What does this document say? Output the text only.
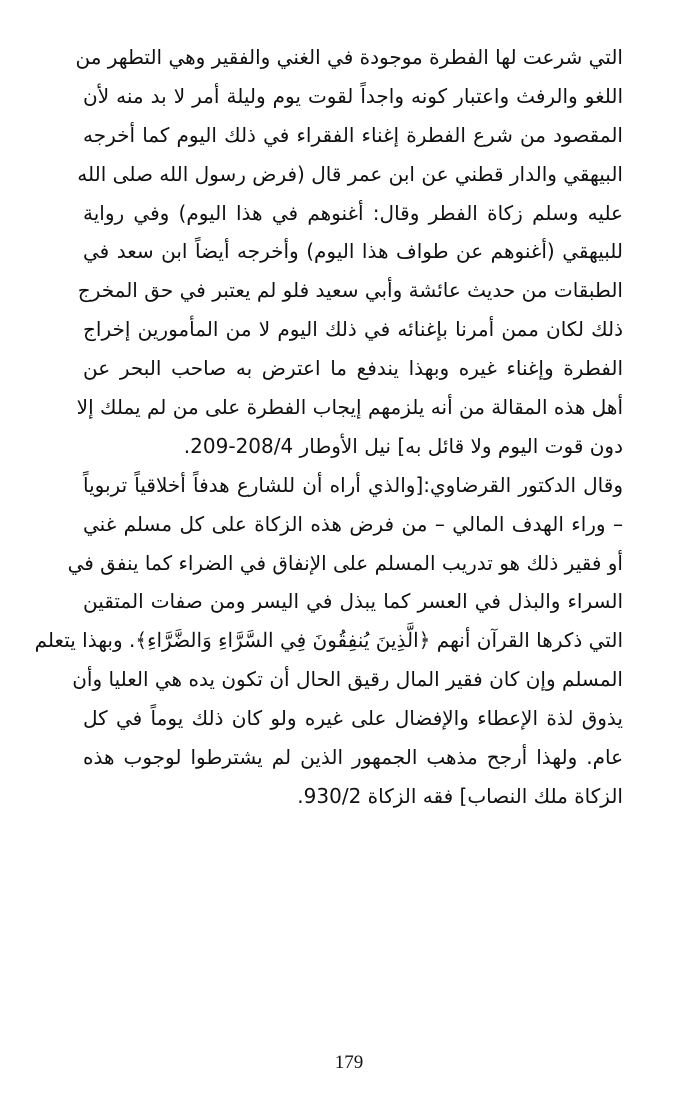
التي شرعت لها الفطرة موجودة في الغني والفقير وهي التطهر من
اللغو والرفث واعتبار كونه واجداً لقوت يوم وليلة أمر لا بد منه لأن
المقصود من شرع الفطرة إغناء الفقراء في ذلك اليوم كما أخرجه
البيهقي والدار قطني عن ابن عمر قال (فرض رسول الله صلى الله
عليه وسلم زكاة الفطر وقال: أغنوهم في هذا اليوم) وفي رواية
للبيهقي (أغنوهم عن طواف هذا اليوم) وأخرجه أيضاً ابن سعد في
الطبقات من حديث عائشة وأبي سعيد فلو لم يعتبر في حق المخرج
ذلك لكان ممن أمرنا بإغنائه في ذلك اليوم لا من المأمورين إخراج
الفطرة وإغناء غيره وبهذا يندفع ما اعترض به صاحب البحر عن
أهل هذه المقالة من أنه يلزمهم إيجاب الفطرة على من لم يملك إلا
دون قوت اليوم ولا قائل به] نيل الأوطار 208/4-209.
وقال الدكتور القرضاوي:[والذي أراه أن للشارع هدفاً أخلاقياً تربوياً
– وراء الهدف المالي – من فرض هذه الزكاة على كل مسلم غني
أو فقير ذلك هو تدريب المسلم على الإنفاق في الضراء كما ينفق في
السراء والبذل في العسر كما يبذل في اليسر ومن صفات المتقين
التي ذكرها القرآن أنهم ﴿الَّذِينَ يُنفِقُونَ فِي السَّرَّاءِ وَالضَّرَّاءِ﴾. وبهذا يتعلم
المسلم وإن كان فقير المال رقيق الحال أن تكون يده هي العليا وأن
يذوق لذة الإعطاء والإفضال على غيره ولو كان ذلك يوماً في كل
عام. ولهذا أرجح مذهب الجمهور الذين لم يشترطوا لوجوب هذه
الزكاة ملك النصاب] فقه الزكاة 930/2.
179
